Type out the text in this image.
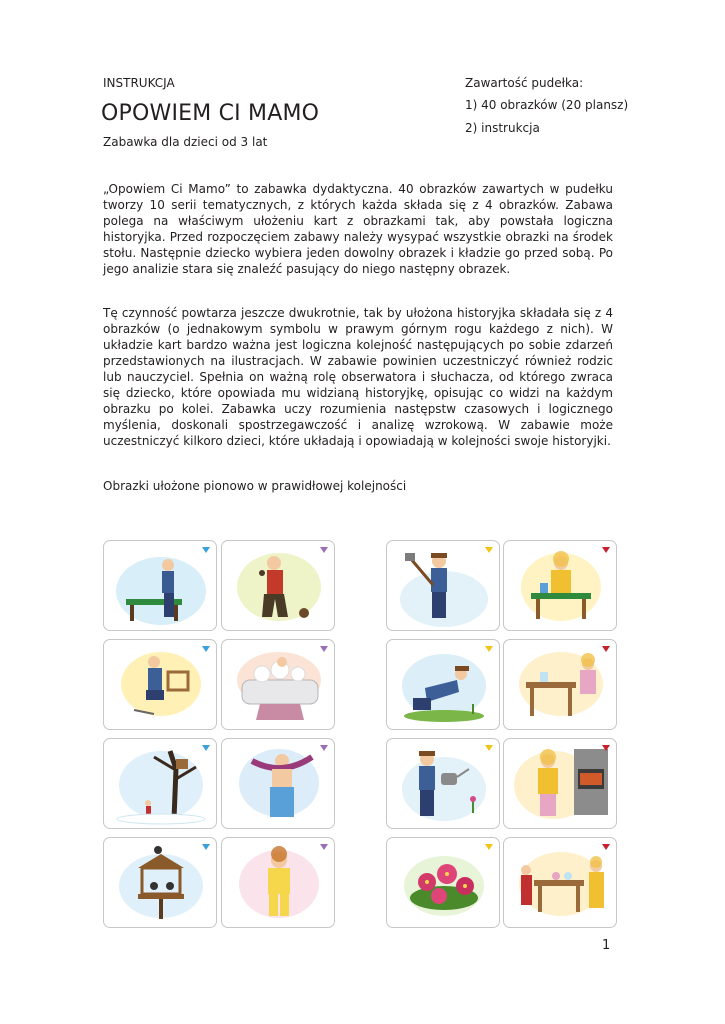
INSTRUKCJA
OPOWIEM CI MAMO
Zabawka dla dzieci od 3 lat
Zawartość pudełka:
1) 40 obrazków (20 plansz)
2) instrukcja

„Opowiem Ci Mamo” to zabawka dydaktyczna. 40 obrazków zawartych w pudełku tworzy 10 serii tematycznych, z których każda składa się z 4 obrazków. Zabawa polega na właściwym ułożeniu kart z obrazkami tak, aby powstała logiczna historyjka. Przed rozpoczęciem zabawy należy wysypać wszystkie obrazki na środek stołu. Następnie dziecko wybiera jeden dowolny obrazek i kładzie go przed sobą. Po jego analizie stara się znaleźć pasujący do niego następny obrazek.

Tę czynność powtarza jeszcze dwukrotnie, tak by ułożona historyjka składała się z 4 obrazków (o jednakowym symbolu w prawym górnym rogu każdego z nich). W układzie kart bardzo ważna jest logiczna kolejność następujących po sobie zdarzeń przedstawionych na ilustracjach. W zabawie powinien uczestniczyć również rodzic lub nauczyciel. Spełnia on ważną rolę obserwatora i słuchacza, od którego zwraca się dziecko, które opowiada mu widzianą historyjkę, opisując co widzi na każdym obrazku po kolei. Zabawka uczy rozumienia następstw czasowych i logicznego myślenia, doskonali spostrzegawczość i analizę wzrokową. W zabawie może uczestniczyć kilkoro dzieci, które układają i opowiadają w kolejności swoje historyjki.

Obrazki ułożone pionowo w prawidłowej kolejności
1
